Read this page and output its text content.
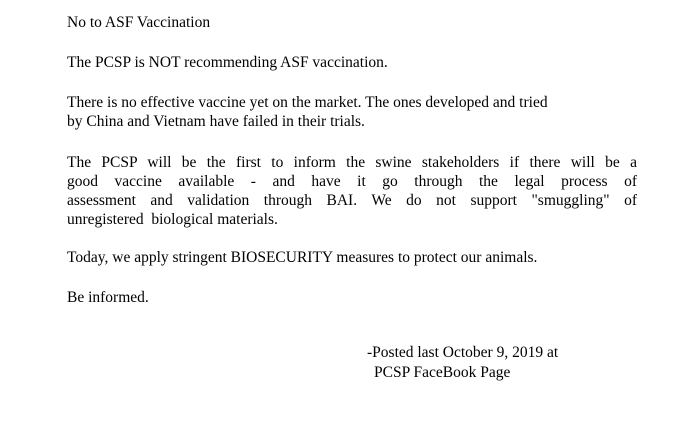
No to ASF Vaccination

The PCSP is NOT recommending ASF vaccination.

There is no effective vaccine yet on the market. The ones developed and tried
by China and Vietnam have failed in their trials.

The PCSP will be the first to inform the swine stakeholders if there will be a
good vaccine available - and have it go through the legal process of
assessment and validation through BAI. We do not support "smuggling" of
unregistered  biological materials.

Today, we apply stringent BIOSECURITY measures to protect our animals.

Be informed.

-Posted last October 9, 2019 at
PCSP FaceBook Page
